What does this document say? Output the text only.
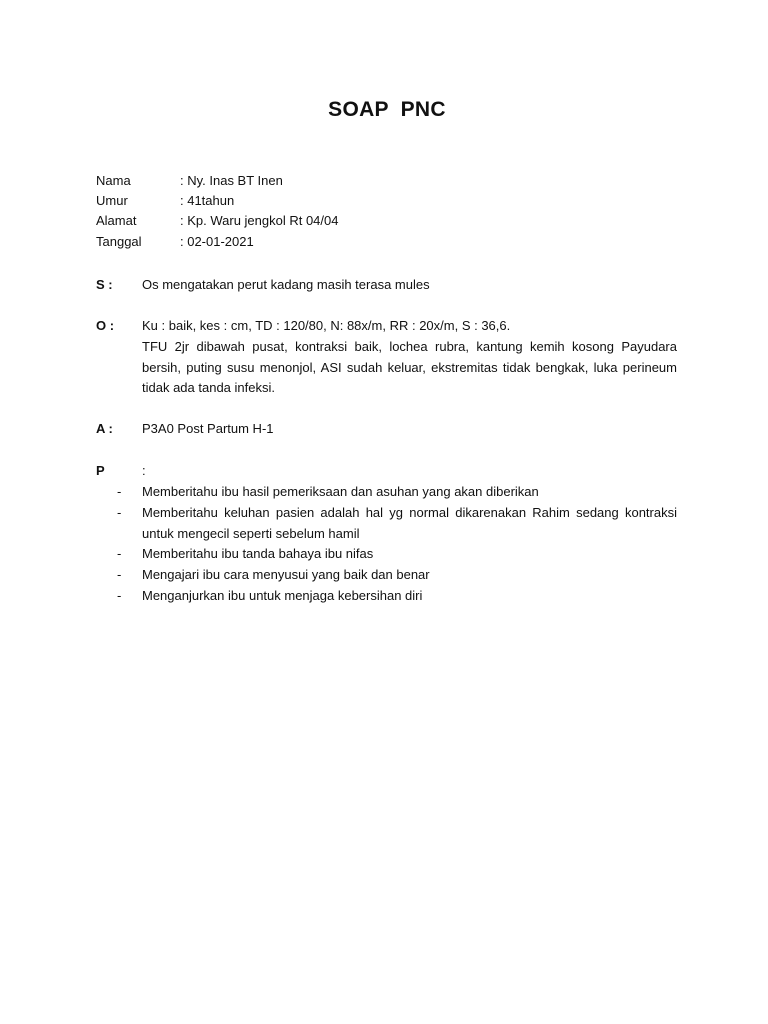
SOAP PNC
Nama	: Ny. Inas BT Inen
Umur	: 41tahun
Alamat	: Kp. Waru jengkol Rt 04/04
Tanggal	: 02-01-2021
S : Os mengatakan perut kadang masih terasa mules
O : Ku : baik, kes : cm, TD : 120/80, N: 88x/m, RR : 20x/m, S : 36,6.
TFU 2jr dibawah pusat, kontraksi baik, lochea rubra, kantung kemih kosong Payudara bersih, puting susu menonjol, ASI sudah keluar, ekstremitas tidak bengkak, luka perineum tidak ada tanda infeksi.
A : P3A0 Post Partum H-1
P	:
- Memberitahu ibu hasil pemeriksaan dan asuhan yang akan diberikan
- Memberitahu keluhan pasien adalah hal yg normal dikarenakan Rahim sedang kontraksi untuk mengecil seperti sebelum hamil
- Memberitahu ibu tanda bahaya ibu nifas
- Mengajari ibu cara menyusui yang baik dan benar
- Menganjurkan ibu untuk menjaga kebersihan diri
